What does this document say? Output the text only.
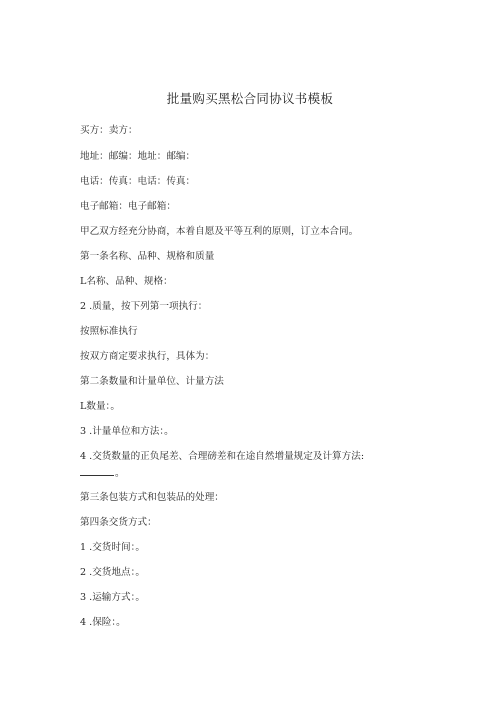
批量购买黑松合同协议书模板
买方：卖方：
地址：邮编：地址：邮编：
电话：传真：电话：传真：
电子邮箱：电子邮箱：
甲乙双方经充分协商，本着自愿及平等互利的原则，订立本合同。
第一条名称、品种、规格和质量
L名称、品种、规格：
2 .质量，按下列第一项执行：
按照标准执行
按双方商定要求执行，具体为：
第二条数量和计量单位、计量方法
L数量：。
3 .计量单位和方法：。
4 .交货数量的正负尾差、合理磅差和在途自然增量规定及计算方法:
。
第三条包装方式和包装品的处理：
第四条交货方式：
1 .交货时间：。
2 .交货地点：。
3 .运输方式：。
4 .保险：。
